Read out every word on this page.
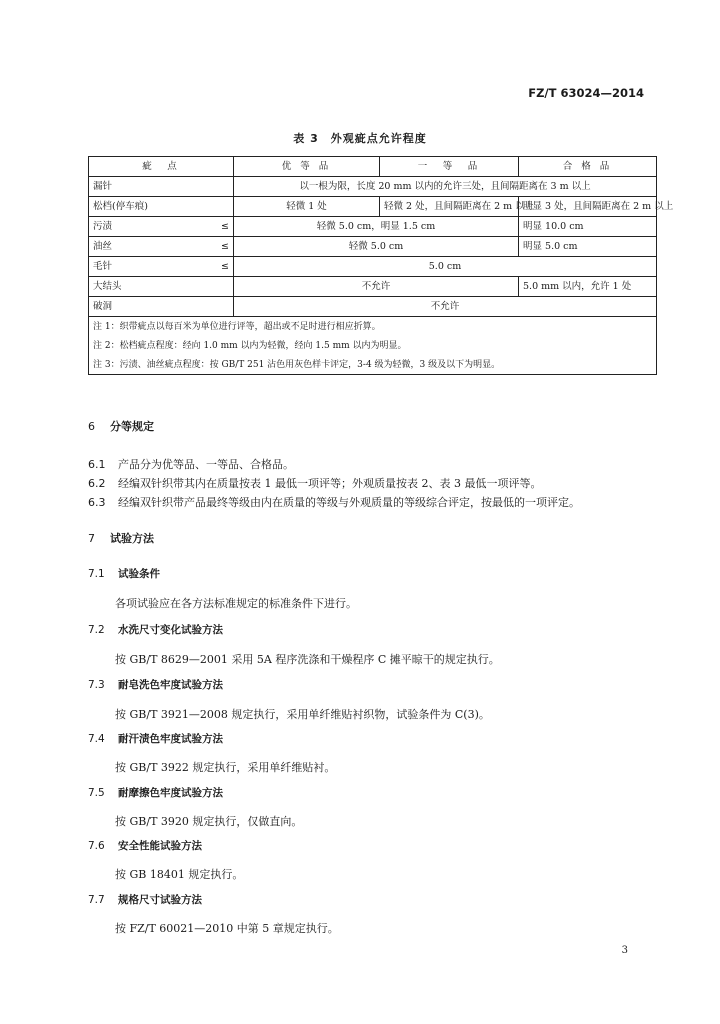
FZ/T 63024—2014
表 3　外观疵点允许程度
疵　点	优 等 品	一　等　品	合 格 品
漏针	以一根为限，长度 20 mm 以内的允许三处，且间隔距离在 3 m 以上		
松档(停车痕)	轻微 1 处	轻微 2 处，且间隔距离在 2 m 以上	明显 3 处，且间隔距离在 2 m 以上
污渍 ≤	轻微 5.0 cm，明显 1.5 cm		明显 10.0 cm
油丝 ≤	轻微 5.0 cm		明显 5.0 cm
毛针 ≤	5.0 cm		
大结头	不允许		5.0 mm 以内，允许 1 处
破洞	不允许		
注 1：织带疵点以每百米为单位进行评等，超出或不足时进行相应折算。			
注 2：松档疵点程度：经向 1.0 mm 以内为轻微，经向 1.5 mm 以内为明显。			
注 3：污渍、油丝疵点程度：按 GB/T 251 沾色用灰色样卡评定，3-4 级为轻微，3 级及以下为明显。			
6 分等规定
6.1 产品分为优等品、一等品、合格品。
6.2 经编双针织带其内在质量按表 1 最低一项评等；外观质量按表 2、表 3 最低一项评等。
6.3 经编双针织带产品最终等级由内在质量的等级与外观质量的等级综合评定，按最低的一项评定。
7 试验方法
7.1 试验条件
各项试验应在各方法标准规定的标准条件下进行。
7.2 水洗尺寸变化试验方法
按 GB/T 8629—2001 采用 5A 程序洗涤和干燥程序 C 摊平晾干的规定执行。
7.3 耐皂洗色牢度试验方法
按 GB/T 3921—2008 规定执行，采用单纤维贴衬织物，试验条件为 C(3)。
7.4 耐汗渍色牢度试验方法
按 GB/T 3922 规定执行，采用单纤维贴衬。
7.5 耐摩擦色牢度试验方法
按 GB/T 3920 规定执行，仅做直向。
7.6 安全性能试验方法
按 GB 18401 规定执行。
7.7 规格尺寸试验方法
按 FZ/T 60021—2010 中第 5 章规定执行。
3
